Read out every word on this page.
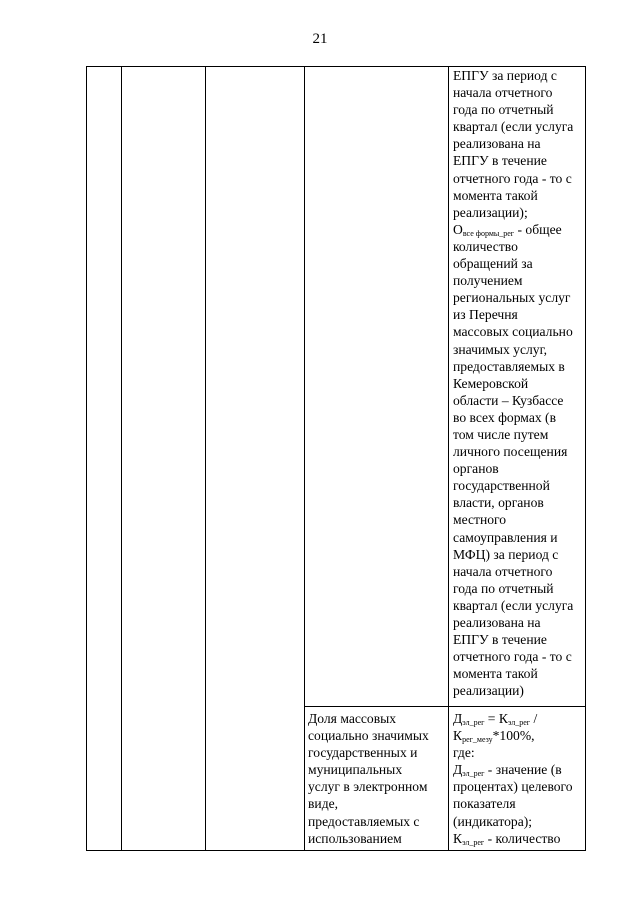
21
ЕПГУ за период с
начала отчетного
года по отчетный
квартал (если услуга
реализована на
ЕПГУ в течение
отчетного года - то с
момента такой
реализации);
$О_{все формы\_рег}$ - общее
количество
обращений за
получением
региональных услуг
из Перечня
массовых социально
значимых услуг,
предоставляемых в
Кемеровской
области – Кузбассе
во всех формах (в
том числе путем
личного посещения
органов
государственной
власти, органов
местного
самоуправления и
МФЦ) за период с
начала отчетного
года по отчетный
квартал (если услуга
реализована на
ЕПГУ в течение
отчетного года - то с
момента такой
реализации)
Доля массовых
социально значимых
государственных и
муниципальных
услуг в электронном
виде,
предоставляемых с
использованием
$Д_{эл\_рег} = К_{эл\_рег}$ /
$К_{рег\_мезу}*100\%$,
где:
$Д_{эл\_рег}$ - значение (в
процентах) целевого
показателя
(индикатора);
$К_{эл\_рег}$ - количество
